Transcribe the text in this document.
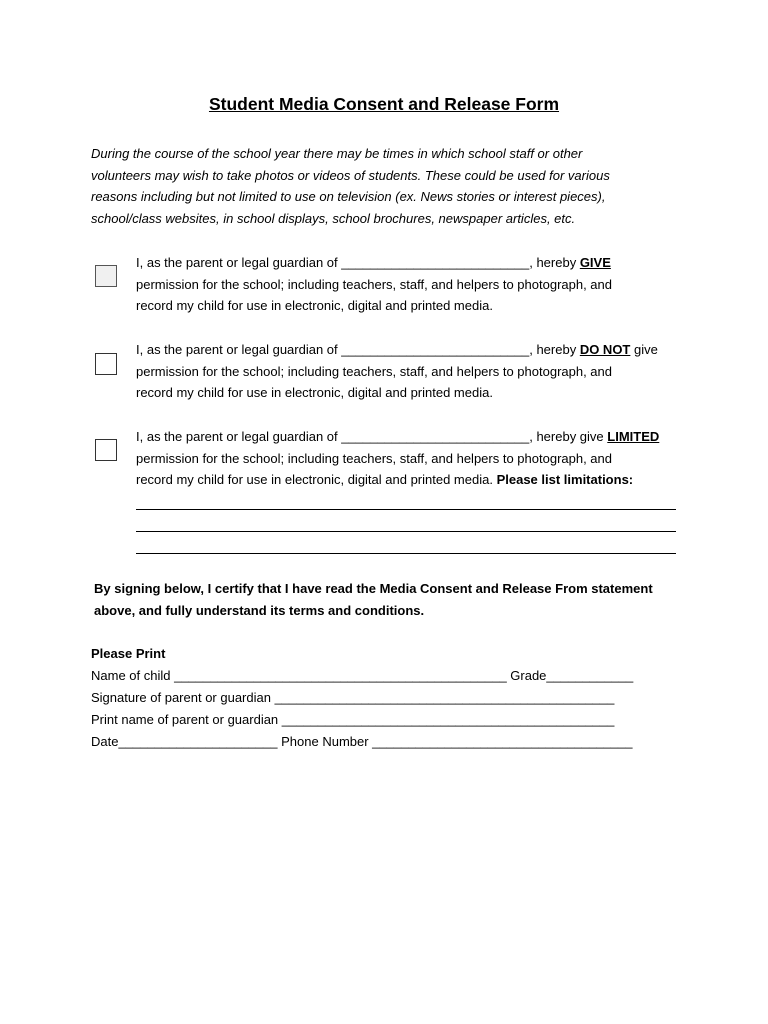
Student Media Consent and Release Form
During the course of the school year there may be times in which school staff or other
volunteers may wish to take photos or videos of students. These could be used for various
reasons including but not limited to use on television (ex. News stories or interest pieces),
school/class websites, in school displays, school brochures, newspaper articles, etc.
I, as the parent or legal guardian of __________________________, hereby GIVE
permission for the school; including teachers, staff, and helpers to photograph, and
record my child for use in electronic, digital and printed media.
I, as the parent or legal guardian of __________________________, hereby DO NOT give
permission for the school; including teachers, staff, and helpers to photograph, and
record my child for use in electronic, digital and printed media.
I, as the parent or legal guardian of __________________________, hereby give LIMITED
permission for the school; including teachers, staff, and helpers to photograph, and
record my child for use in electronic, digital and printed media. Please list limitations:
By signing below, I certify that I have read the Media Consent and Release From statement
above, and fully understand its terms and conditions.
Please Print
Name of child ______________________________________________ Grade____________
Signature of parent or guardian _______________________________________________
Print name of parent or guardian ______________________________________________
Date______________________ Phone Number ____________________________________
